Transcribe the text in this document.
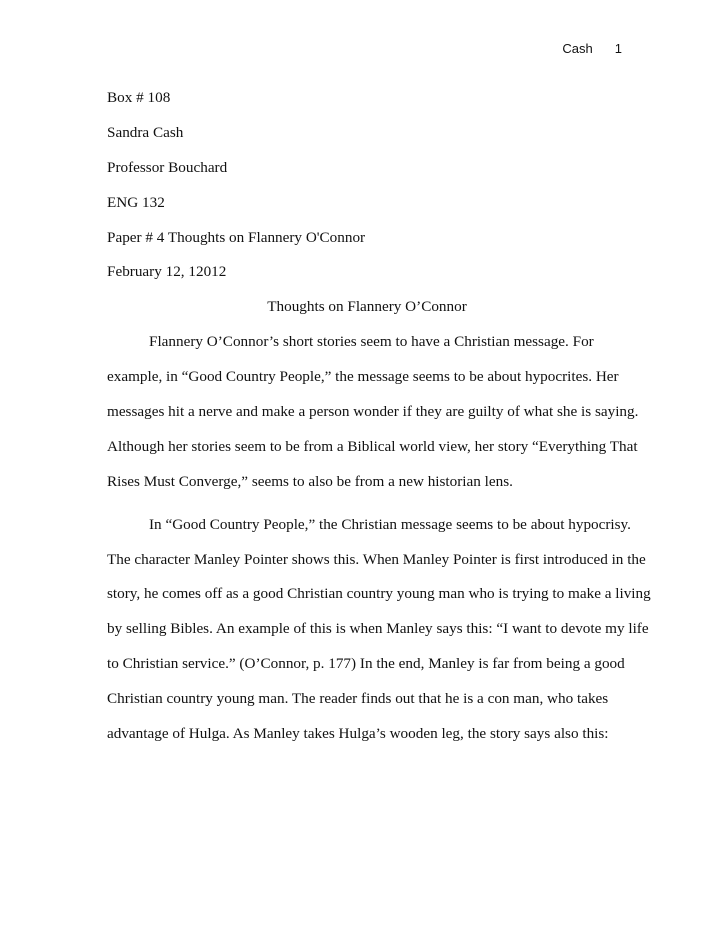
Cash 1
Box # 108
Sandra Cash
Professor Bouchard
ENG 132
Paper # 4 Thoughts on Flannery O'Connor
February 12, 12012
Thoughts on Flannery O’Connor
Flannery O’Connor’s short stories seem to have a Christian message. For
example, in “Good Country People,” the message seems to be about hypocrites. Her
messages hit a nerve and make a person wonder if they are guilty of what she is saying.
Although her stories seem to be from a Biblical world view, her story “Everything That
Rises Must Converge,” seems to also be from a new historian lens.
In “Good Country People,” the Christian message seems to be about hypocrisy.
The character Manley Pointer shows this. When Manley Pointer is first introduced in the
story, he comes off as a good Christian country young man who is trying to make a living
by selling Bibles. An example of this is when Manley says this: “I want to devote my life
to Christian service.” (O’Connor, p. 177) In the end, Manley is far from being a good
Christian country young man. The reader finds out that he is a con man, who takes
advantage of Hulga. As Manley takes Hulga’s wooden leg, the story says also this:
